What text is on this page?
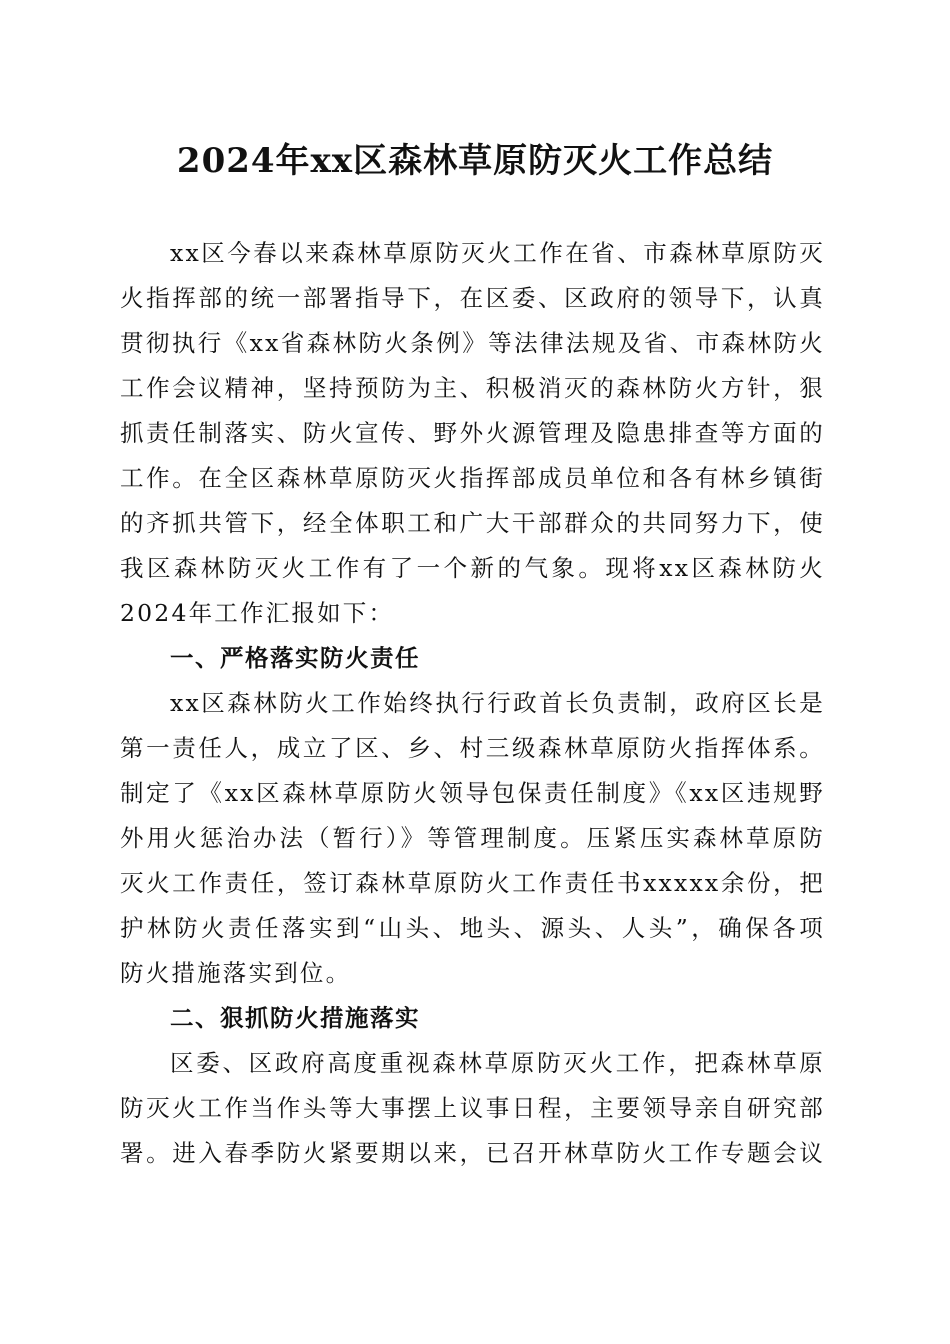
2024年xx区森林草原防灭火工作总结
xx区今春以来森林草原防灭火工作在省、市森林草原防灭
火指挥部的统一部署指导下，在区委、区政府的领导下，认真
贯彻执行《xx省森林防火条例》等法律法规及省、市森林防火
工作会议精神，坚持预防为主、积极消灭的森林防火方针，狠
抓责任制落实、防火宣传、野外火源管理及隐患排查等方面的
工作。在全区森林草原防灭火指挥部成员单位和各有林乡镇街
的齐抓共管下，经全体职工和广大干部群众的共同努力下，使
我区森林防灭火工作有了一个新的气象。现将xx区森林防火
2024年工作汇报如下：
一、严格落实防火责任
xx区森林防火工作始终执行行政首长负责制，政府区长是
第一责任人，成立了区、乡、村三级森林草原防火指挥体系。
制定了《xx区森林草原防火领导包保责任制度》《xx区违规野
外用火惩治办法（暂行）》等管理制度。压紧压实森林草原防
灭火工作责任，签订森林草原防火工作责任书xxxxx余份，把
护林防火责任落实到“山头、地头、源头、人头”，确保各项
防火措施落实到位。
二、狠抓防火措施落实
区委、区政府高度重视森林草原防灭火工作，把森林草原
防灭火工作当作头等大事摆上议事日程，主要领导亲自研究部
署。进入春季防火紧要期以来，已召开林草防火工作专题会议
